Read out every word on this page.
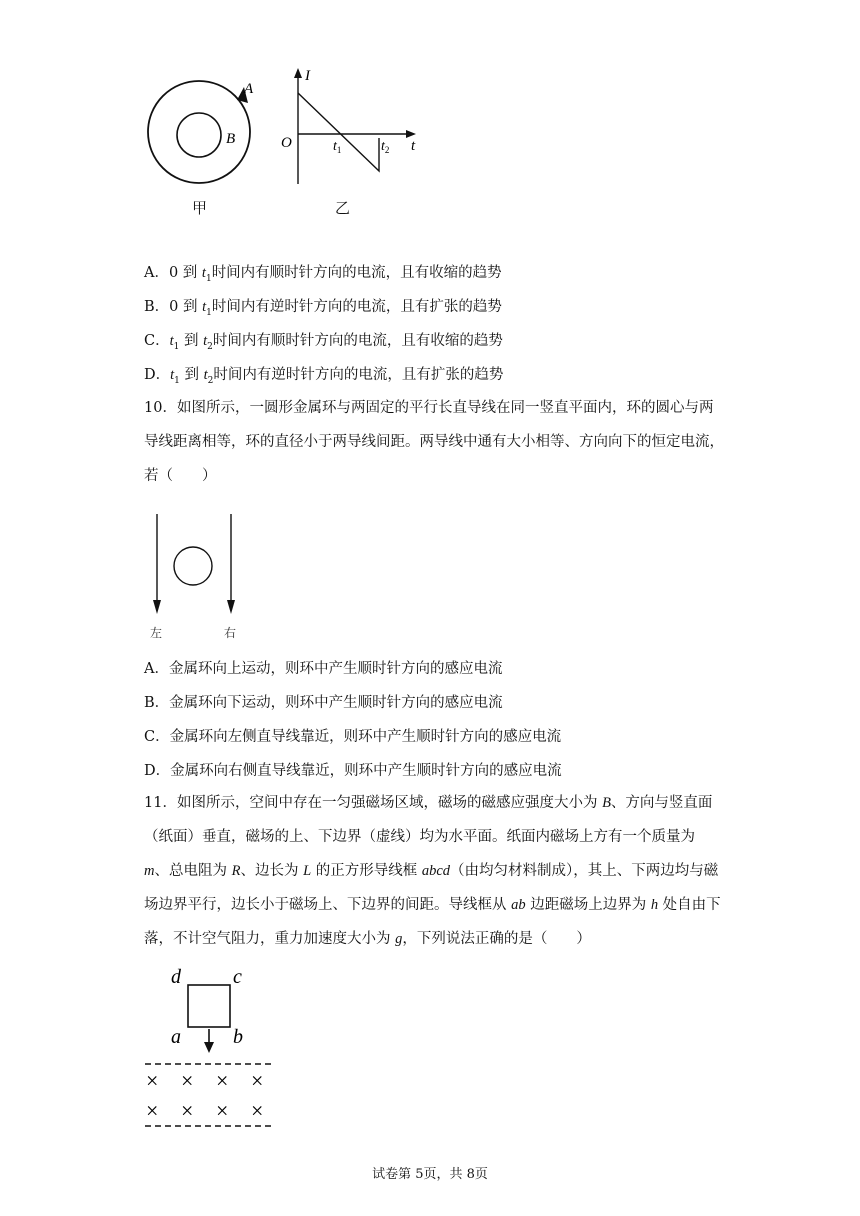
A
B
甲
I
O	t
$t_1$	$t_2$
乙
A．0 到 $t_1$时间内有顺时针方向的电流，且有收缩的趋势
B．0 到 $t_1$时间内有逆时针方向的电流，且有扩张的趋势
C．$t_1$ 到 $t_2$时间内有顺时针方向的电流，且有收缩的趋势
D．$t_1$ 到 $t_2$时间内有逆时针方向的电流，且有扩张的趋势
10．如图所示，一圆形金属环与两固定的平行长直导线在同一竖直平面内，环的圆心与两导线距离相等，环的直径小于两导线间距。两导线中通有大小相等、方向向下的恒定电流，若（　　）
左	右
A．金属环向上运动，则环中产生顺时针方向的感应电流
B．金属环向下运动，则环中产生顺时针方向的感应电流
C．金属环向左侧直导线靠近，则环中产生顺时针方向的感应电流
D．金属环向右侧直导线靠近，则环中产生顺时针方向的感应电流
11．如图所示，空间中存在一匀强磁场区域，磁场的磁感应强度大小为 B、方向与竖直面（纸面）垂直，磁场的上、下边界（虚线）均为水平面。纸面内磁场上方有一个质量为 m、总电阻为 R、边长为 L 的正方形导线框 abcd（由均匀材料制成），其上、下两边均与磁场边界平行，边长小于磁场上、下边界的间距。导线框从 ab 边距磁场上边界为 h 处自由下落，不计空气阻力，重力加速度大小为 g，下列说法正确的是（　　）
d	c
a	b
× × × ×
× × × ×
试卷第 5页，共 8页
